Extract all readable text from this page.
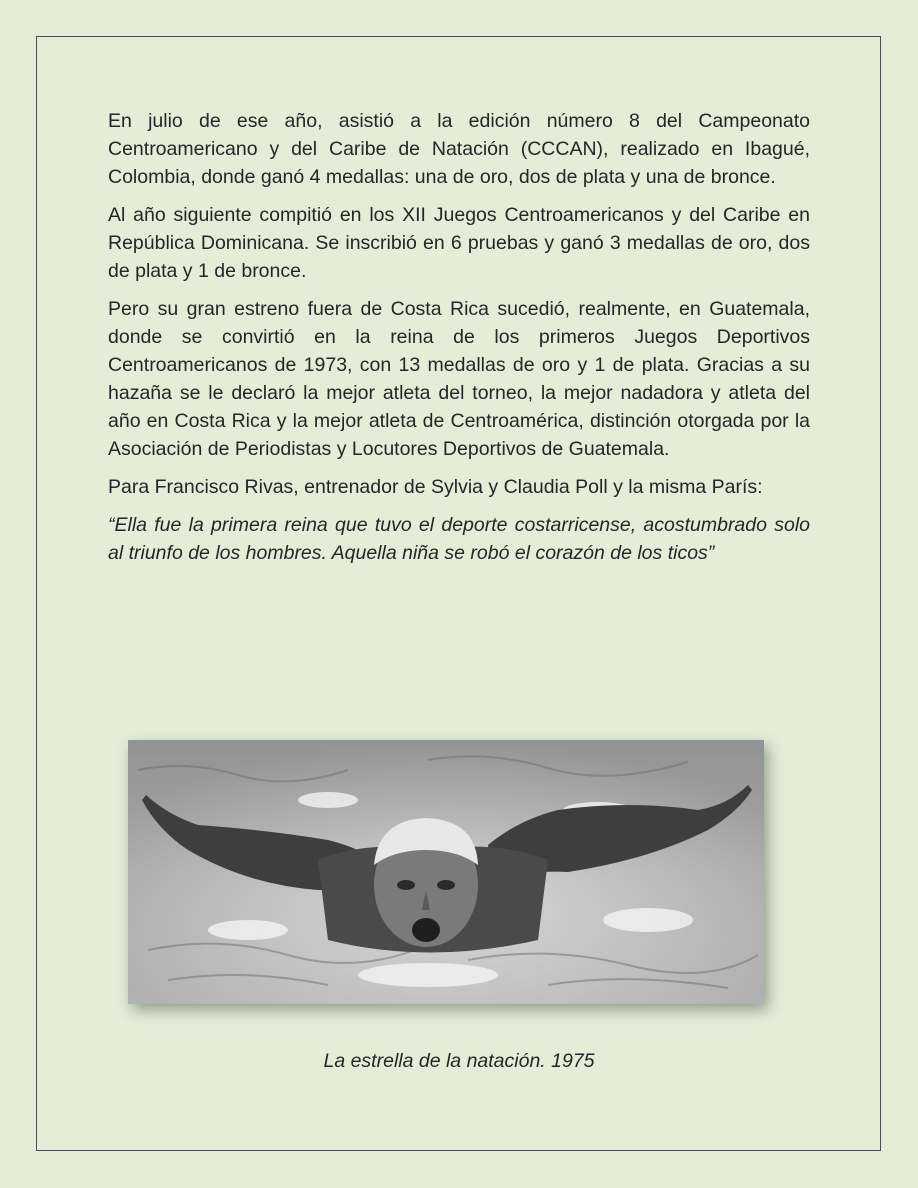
En julio de ese año, asistió a la edición número 8 del Campeonato Centroamericano y del Caribe de Natación (CCCAN), realizado en Ibagué, Colombia, donde ganó 4 medallas: una de oro, dos de plata y una de bronce.

Al año siguiente compitió en los XII Juegos Centroamericanos y del Caribe en República Dominicana. Se inscribió en 6 pruebas y ganó 3 medallas de oro, dos de plata y 1 de bronce.

Pero su gran estreno fuera de Costa Rica sucedió, realmente, en Guatemala, donde se convirtió en la reina de los primeros Juegos Deportivos Centroamericanos de 1973, con 13 medallas de oro y 1 de plata. Gracias a su hazaña se le declaró la mejor atleta del torneo, la mejor nadadora y atleta del año en Costa Rica y la mejor atleta de Centroamérica, distinción otorgada por la Asociación de Periodistas y Locutores Deportivos de Guatemala.

Para Francisco Rivas, entrenador de Sylvia y Claudia Poll y la misma París:

“Ella fue la primera reina que tuvo el deporte costarricense, acostumbrado solo al triunfo de los hombres. Aquella niña se robó el corazón de los ticos”

La estrella de la natación. 1975
